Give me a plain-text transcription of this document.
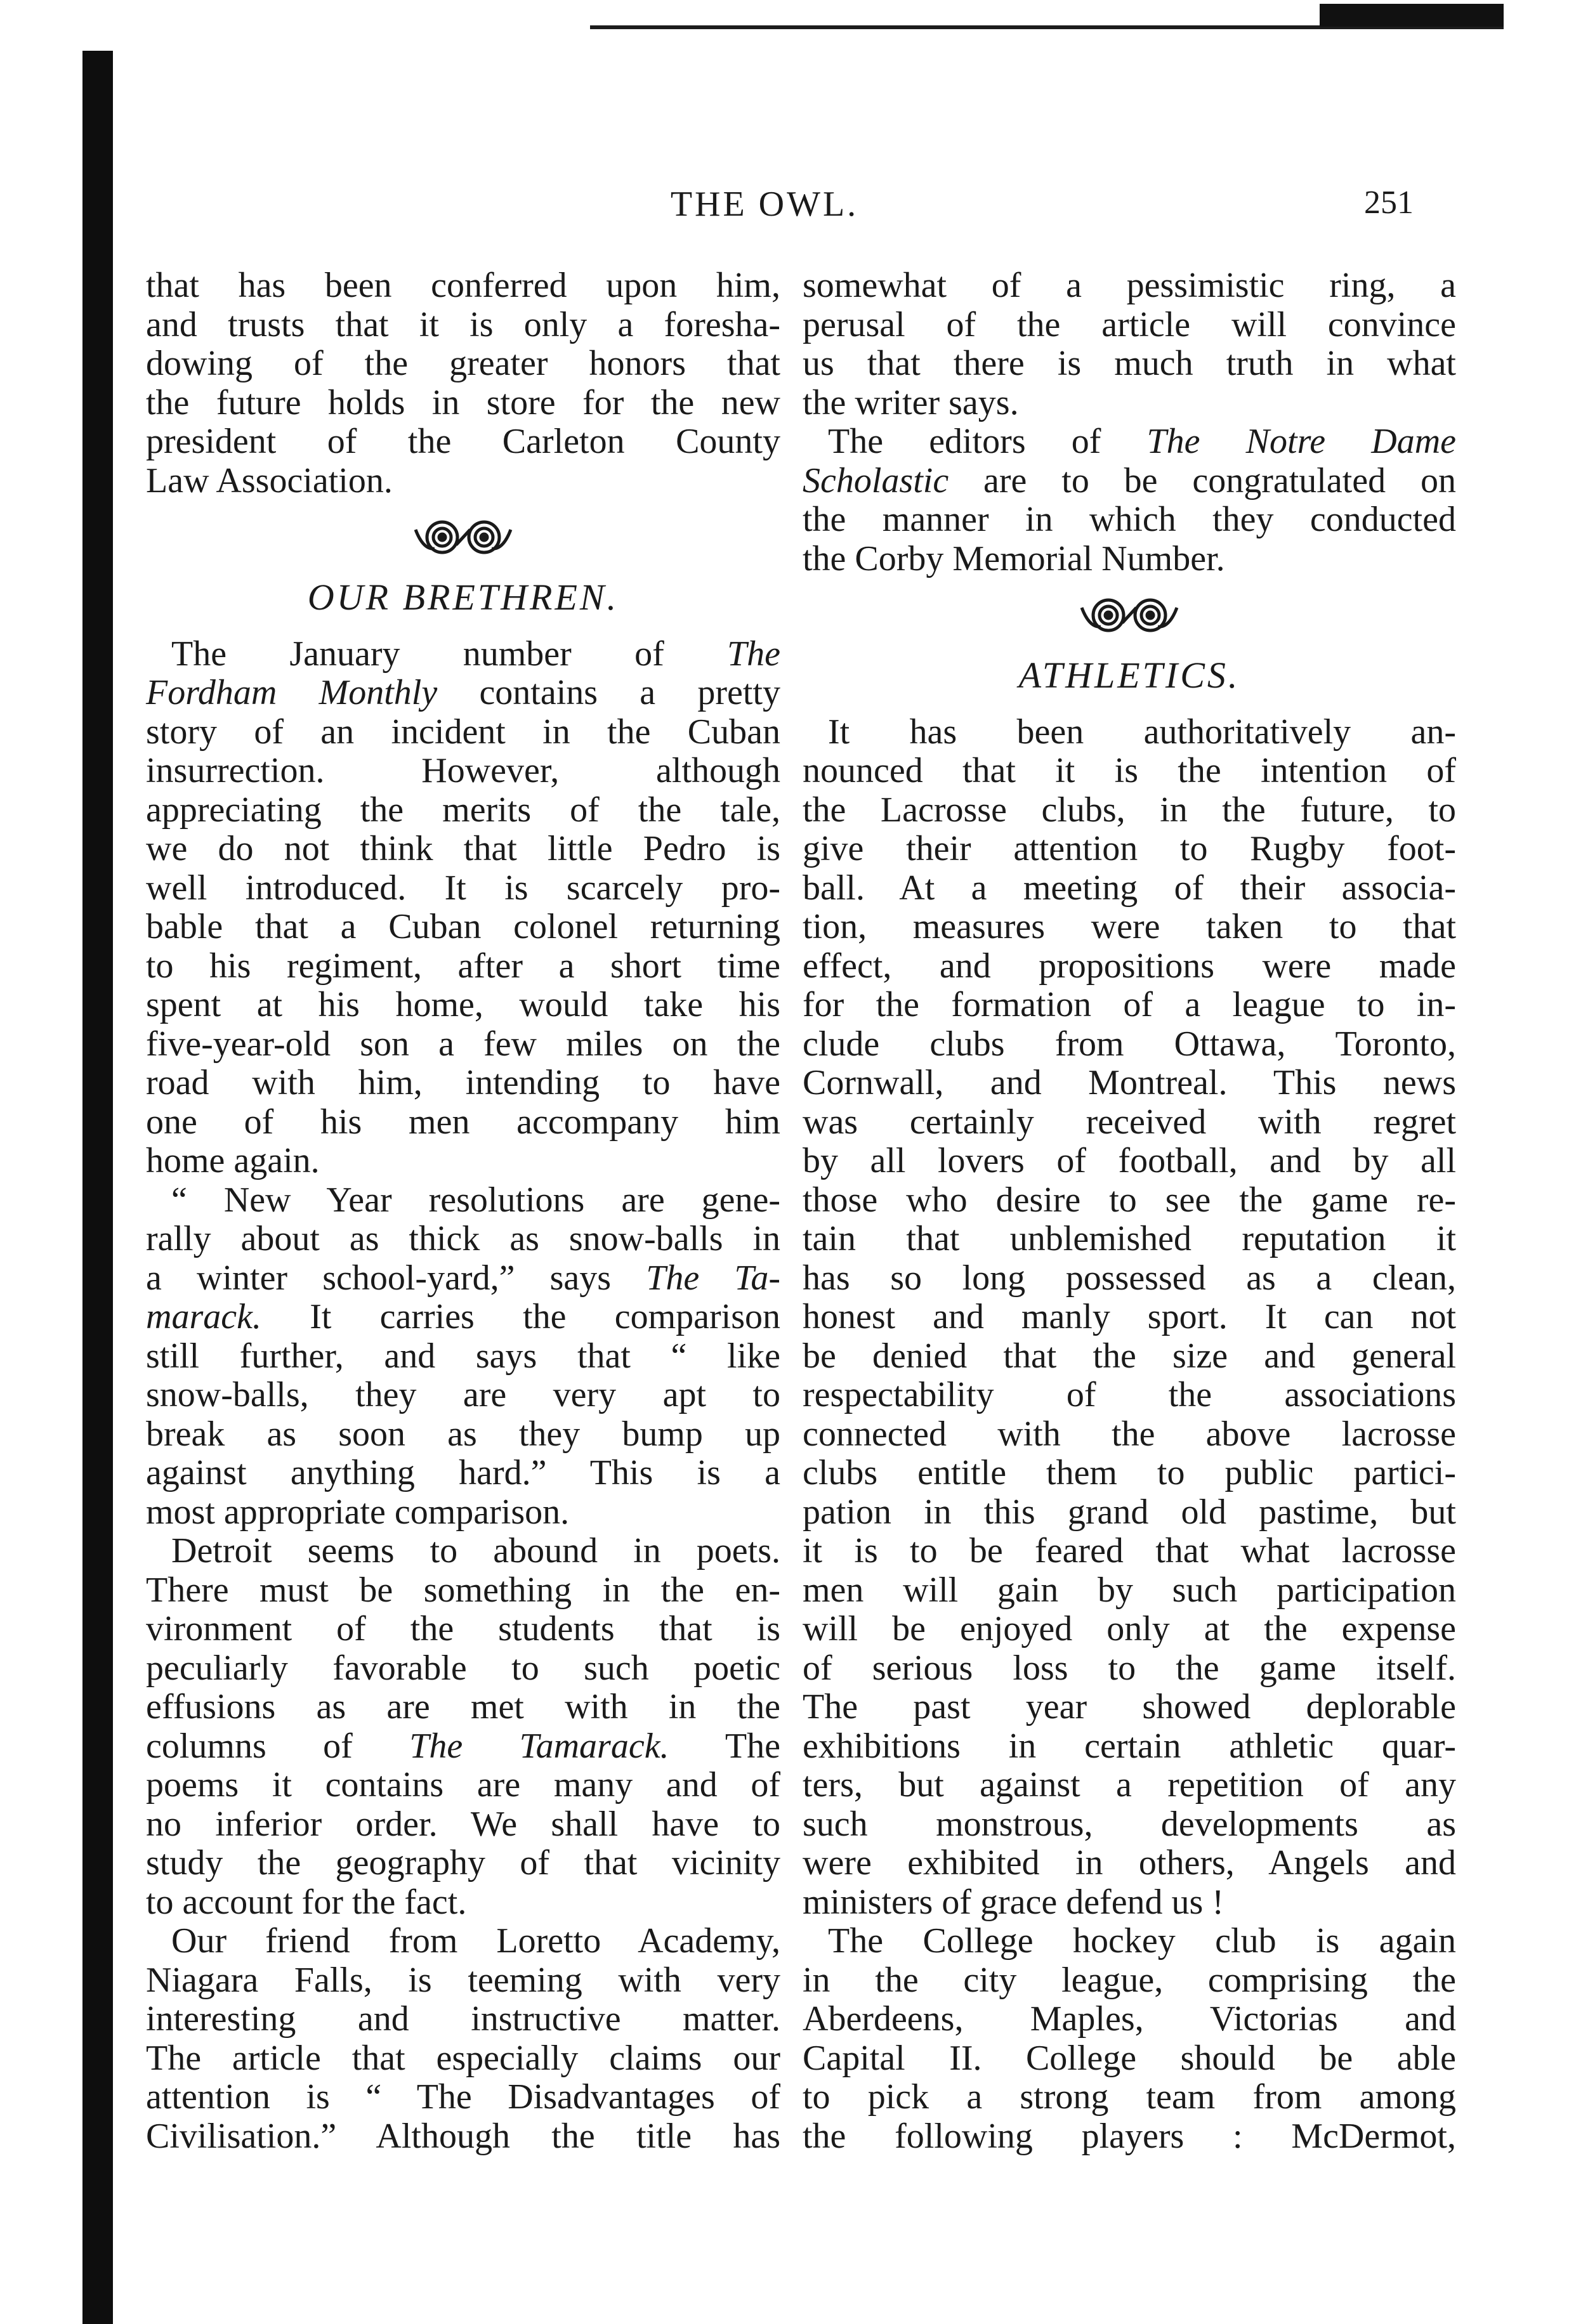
THE OWL.	251
that has been conferred upon him,
and trusts that it is only a foresha-
dowing of the greater honors that
the future holds in store for the new
president of the Carleton County
Law Association.
OUR BRETHREN.
The January number of The
Fordham Monthly contains a pretty
story of an incident in the Cuban
insurrection. However, although
appreciating the merits of the tale,
we do not think that little Pedro is
well introduced. It is scarcely pro-
bable that a Cuban colonel returning
to his regiment, after a short time
spent at his home, would take his
five-year-old son a few miles on the
road with him, intending to have
one of his men accompany him
home again.
“ New Year resolutions are gene-
rally about as thick as snow-balls in
a winter school-yard,” says The Ta-
marack. It carries the comparison
still further, and says that “ like
snow-balls, they are very apt to
break as soon as they bump up
against anything hard.” This is a
most appropriate comparison.
Detroit seems to abound in poets.
There must be something in the en-
vironment of the students that is
peculiarly favorable to such poetic
effusions as are met with in the
columns of The Tamarack. The
poems it contains are many and of
no inferior order. We shall have to
study the geography of that vicinity
to account for the fact.
Our friend from Loretto Academy,
Niagara Falls, is teeming with very
interesting and instructive matter.
The article that especially claims our
attention is “ The Disadvantages of
Civilisation.” Although the title has
somewhat of a pessimistic ring, a
perusal of the article will convince
us that there is much truth in what
the writer says.
The editors of The Notre Dame
Scholastic are to be congratulated on
the manner in which they conducted
the Corby Memorial Number.
ATHLETICS.
It has been authoritatively an-
nounced that it is the intention of
the Lacrosse clubs, in the future, to
give their attention to Rugby foot-
ball. At a meeting of their associa-
tion, measures were taken to that
effect, and propositions were made
for the formation of a league to in-
clude clubs from Ottawa, Toronto,
Cornwall, and Montreal. This news
was certainly received with regret
by all lovers of football, and by all
those who desire to see the game re-
tain that unblemished reputation it
has so long possessed as a clean,
honest and manly sport. It can not
be denied that the size and general
respectability of the associations
connected with the above lacrosse
clubs entitle them to public partici-
pation in this grand old pastime, but
it is to be feared that what lacrosse
men will gain by such participation
will be enjoyed only at the expense
of serious loss to the game itself.
The past year showed deplorable
exhibitions in certain athletic quar-
ters, but against a repetition of any
such monstrous, developments as
were exhibited in others, Angels and
ministers of grace defend us !
The College hockey club is again
in the city league, comprising the
Aberdeens, Maples, Victorias and
Capital II. College should be able
to pick a strong team from among
the following players : McDermot,
